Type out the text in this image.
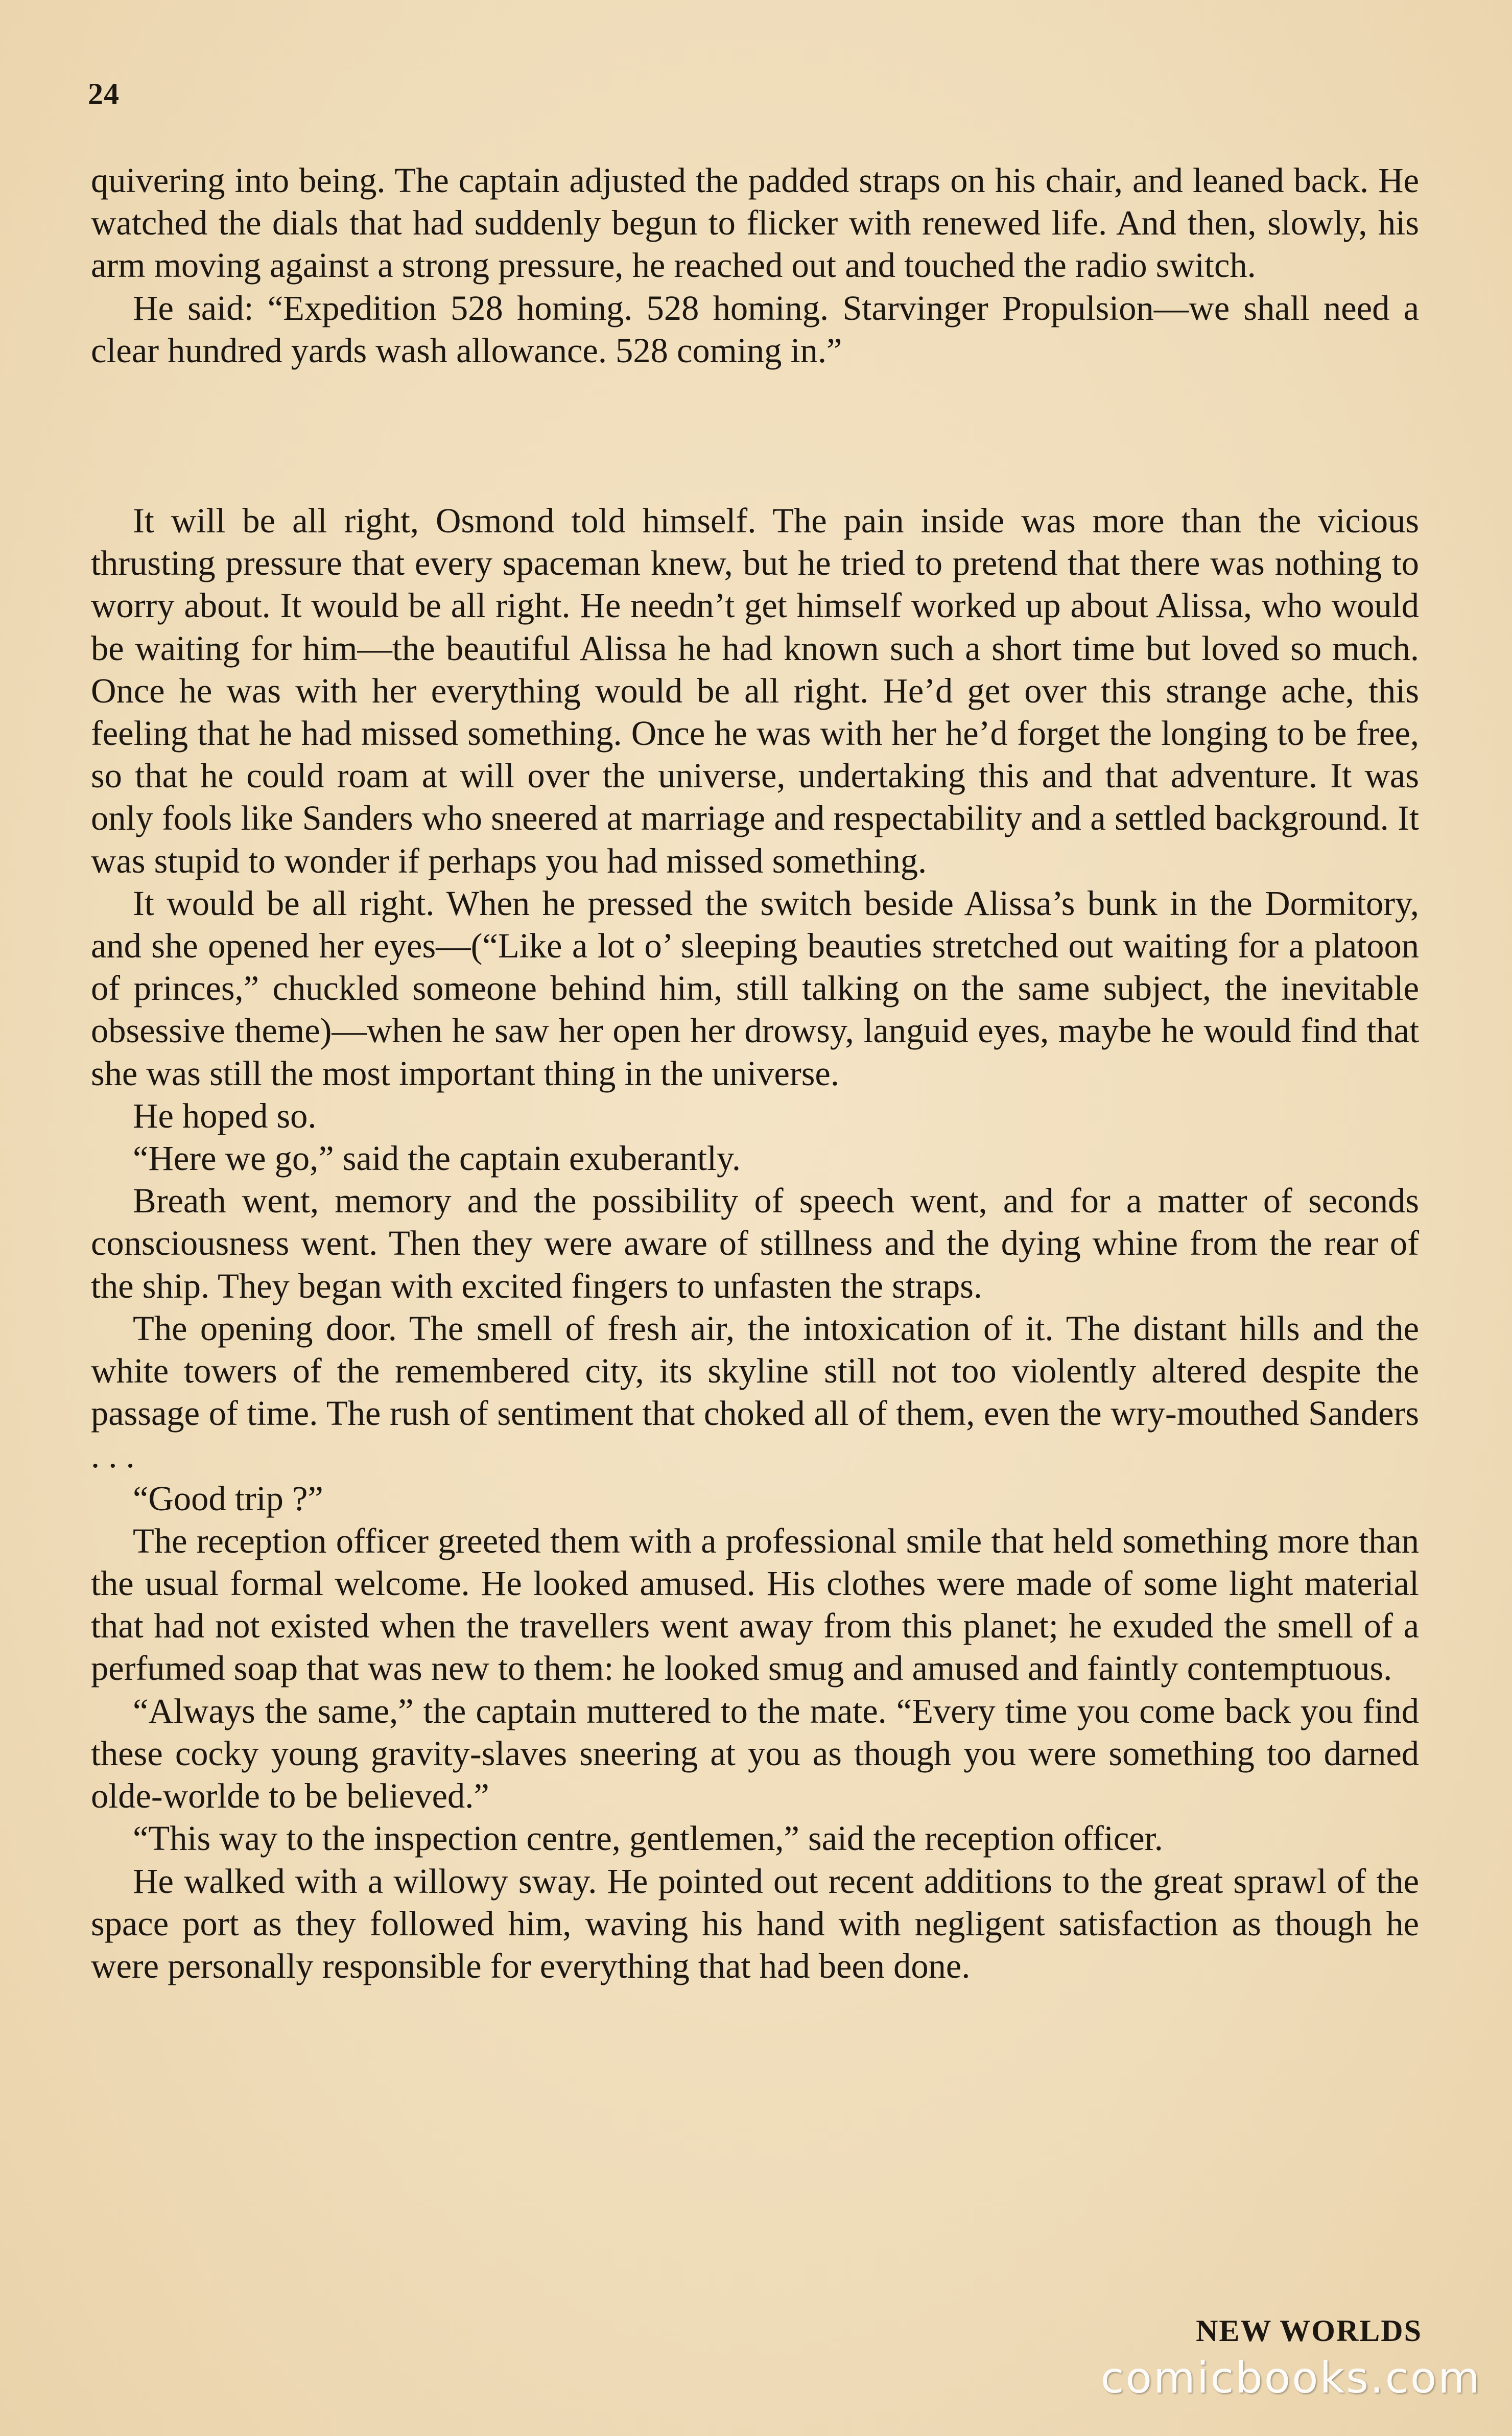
24

quivering into being. The captain adjusted the padded straps on his chair, and leaned back. He watched the dials that had suddenly begun to flicker with renewed life. And then, slowly, his arm moving against a strong pressure, he reached out and touched the radio switch.

He said: “Expedition 528 homing. 528 homing. Starvinger Propulsion—we shall need a clear hundred yards wash allowance. 528 coming in.”

It will be all right, Osmond told himself. The pain inside was more than the vicious thrusting pressure that every spaceman knew, but he tried to pretend that there was nothing to worry about. It would be all right. He needn’t get himself worked up about Alissa, who would be waiting for him—the beautiful Alissa he had known such a short time but loved so much. Once he was with her everything would be all right. He’d get over this strange ache, this feeling that he had missed something. Once he was with her he’d forget the longing to be free, so that he could roam at will over the universe, undertaking this and that adventure. It was only fools like Sanders who sneered at marriage and respectability and a settled background. It was stupid to wonder if perhaps you had missed something.

It would be all right. When he pressed the switch beside Alissa’s bunk in the Dormitory, and she opened her eyes—(“Like a lot o’ sleeping beauties stretched out waiting for a platoon of princes,” chuckled someone behind him, still talking on the same subject, the inevitable obsessive theme)—when he saw her open her drowsy, languid eyes, maybe he would find that she was still the most important thing in the universe.

He hoped so.

“Here we go,” said the captain exuberantly.

Breath went, memory and the possibility of speech went, and for a matter of seconds consciousness went. Then they were aware of stillness and the dying whine from the rear of the ship. They began with excited fingers to unfasten the straps.

The opening door. The smell of fresh air, the intoxication of it. The distant hills and the white towers of the remembered city, its skyline still not too violently altered despite the passage of time. The rush of sentiment that choked all of them, even the wry-mouthed Sanders . . .

“Good trip ?”

The reception officer greeted them with a professional smile that held something more than the usual formal welcome. He looked amused. His clothes were made of some light material that had not existed when the travellers went away from this planet; he exuded the smell of a perfumed soap that was new to them: he looked smug and amused and faintly contemptuous.

“Always the same,” the captain muttered to the mate. “Every time you come back you find these cocky young gravity-slaves sneering at you as though you were something too darned olde-worlde to be believed.”

“This way to the inspection centre, gentlemen,” said the reception officer.

He walked with a willowy sway. He pointed out recent additions to the great sprawl of the space port as they followed him, waving his hand with negligent satisfaction as though he were personally responsible for everything that had been done.

NEW WORLDS
comicbooks.com
